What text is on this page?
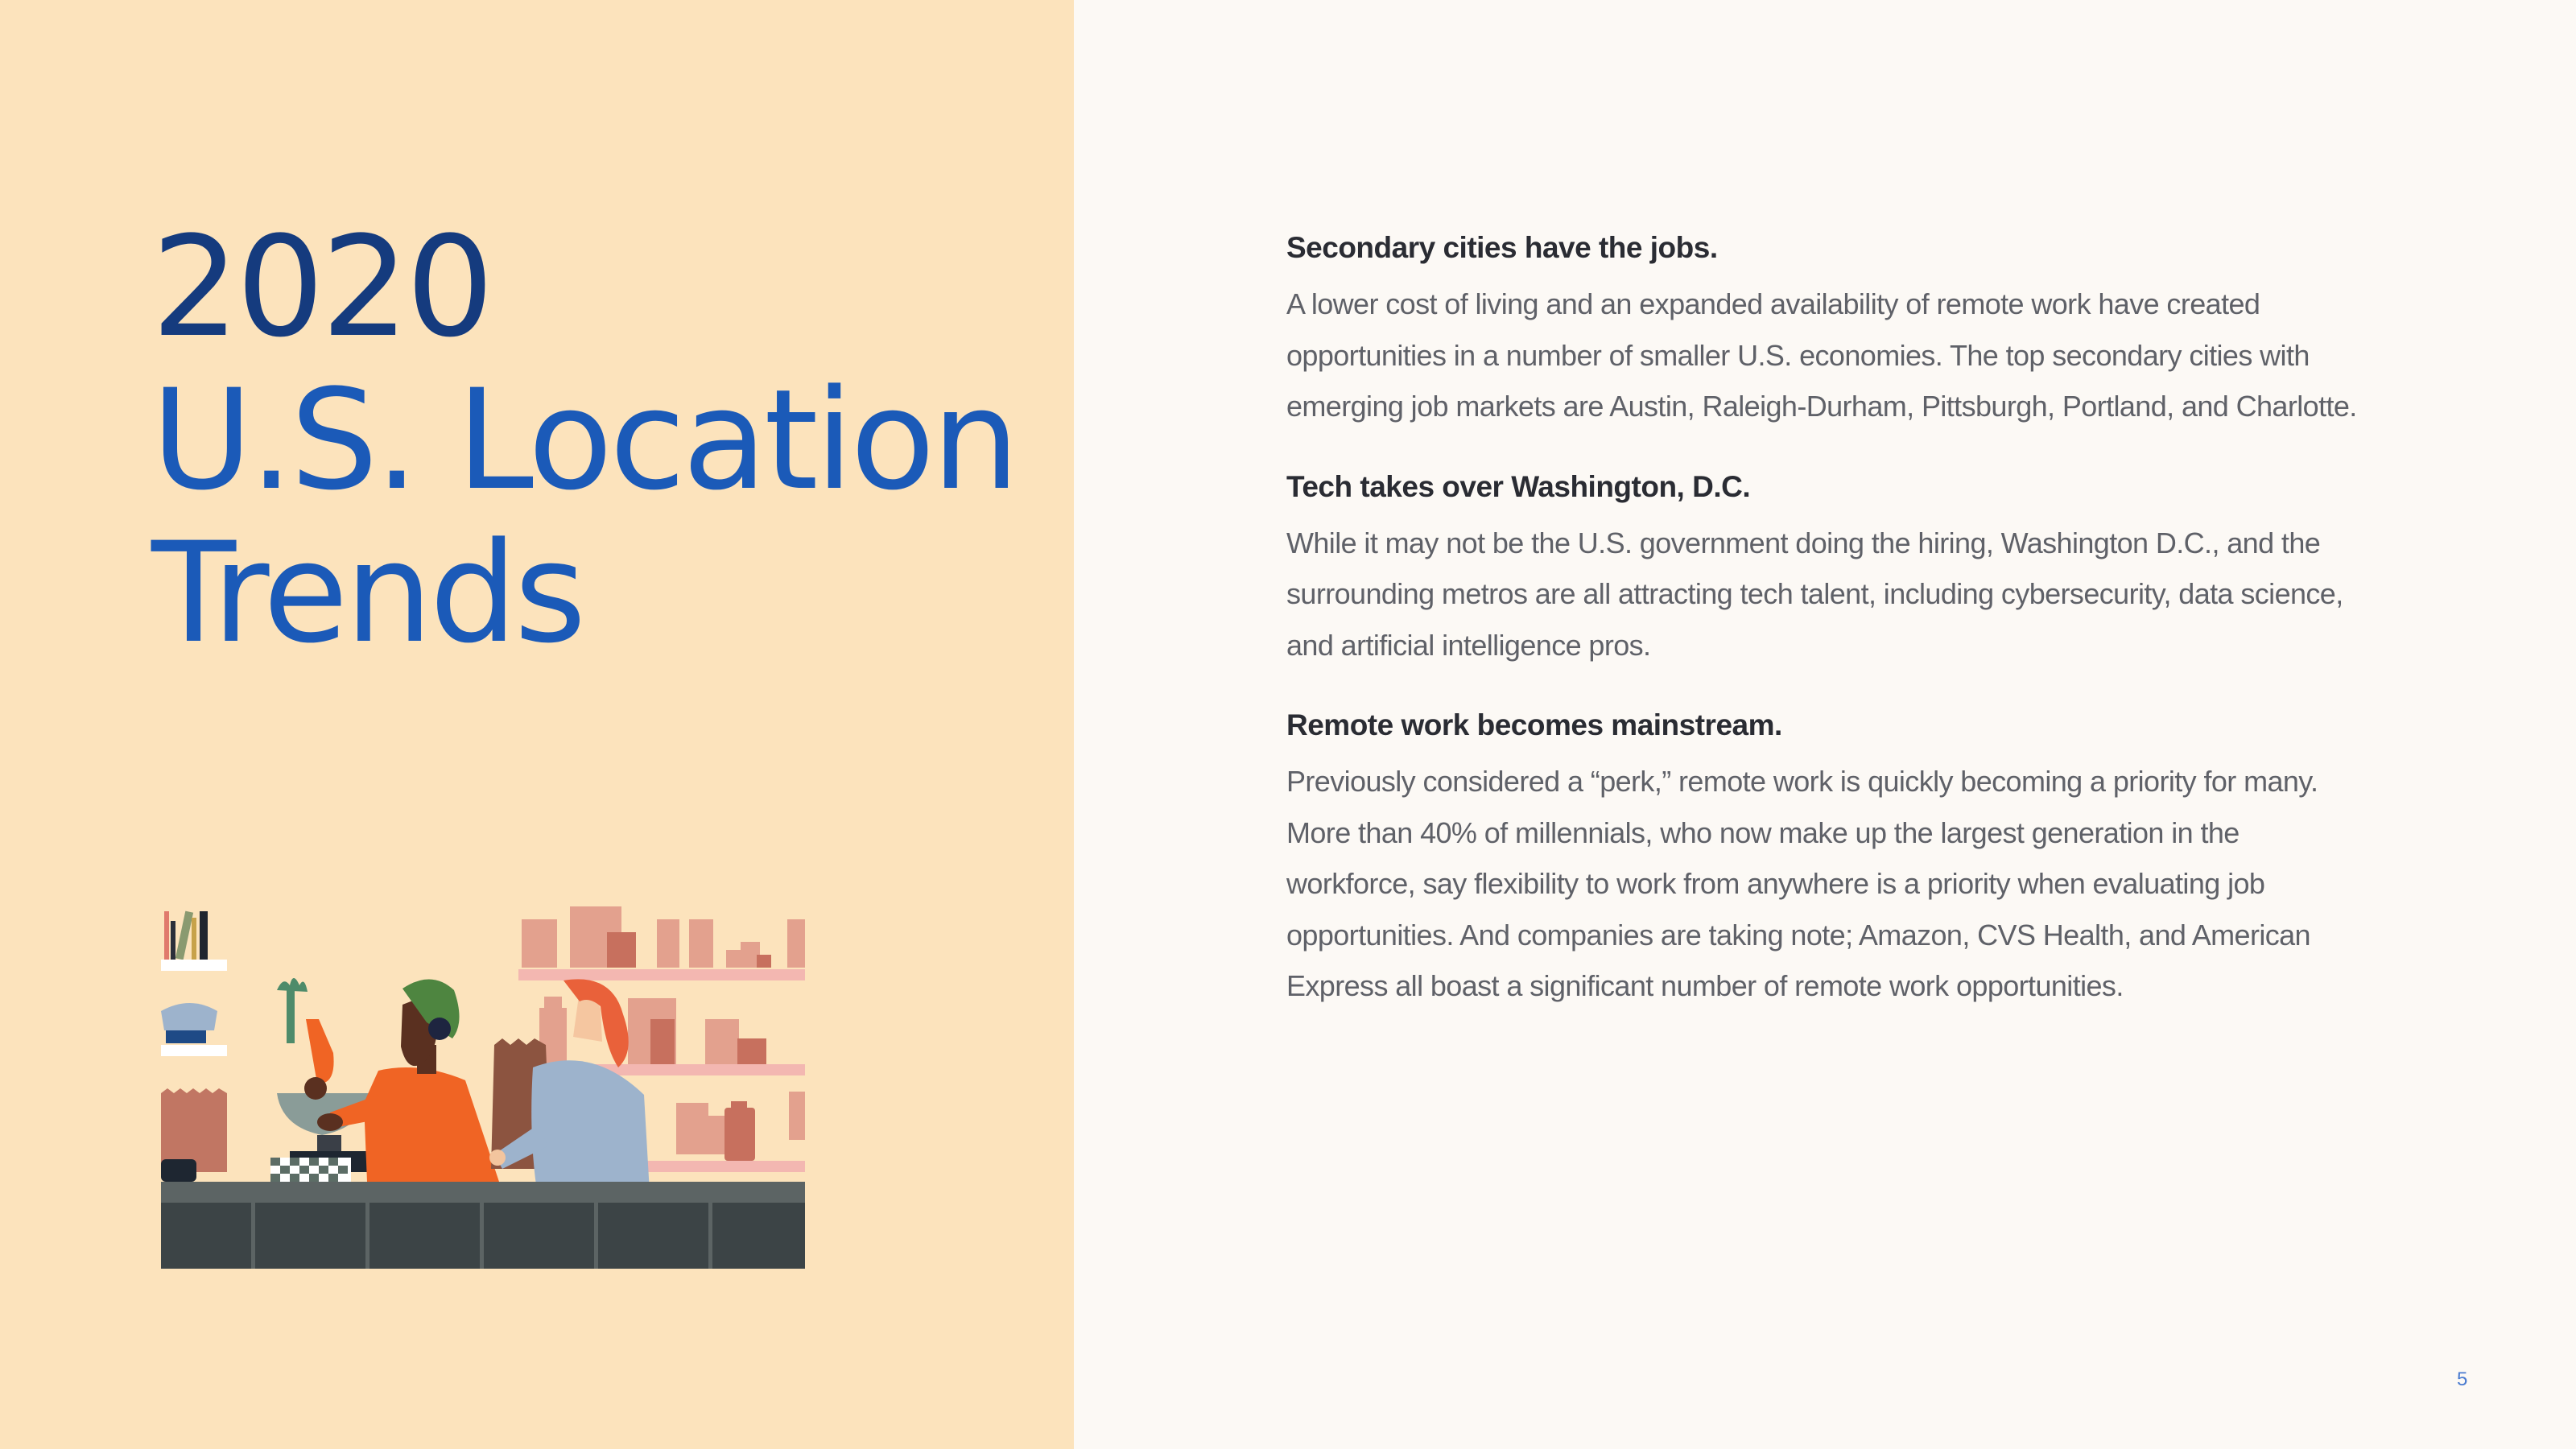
2020
U.S. Location
Trends
Secondary cities have the jobs.

A lower cost of living and an expanded availability of remote work have created opportunities in a number of smaller U.S. economies. The top secondary cities with emerging job markets are Austin, Raleigh-Durham, Pittsburgh, Portland, and Charlotte.

Tech takes over Washington, D.C.

While it may not be the U.S. government doing the hiring, Washington D.C., and the surrounding metros are all attracting tech talent, including cybersecurity, data science, and artificial intelligence pros.

Remote work becomes mainstream.

Previously considered a “perk,” remote work is quickly becoming a priority for many. More than 40% of millennials, who now make up the largest generation in the workforce, say flexibility to work from anywhere is a priority when evaluating job opportunities. And companies are taking note; Amazon, CVS Health, and American Express all boast a significant number of remote work opportunities.

5
